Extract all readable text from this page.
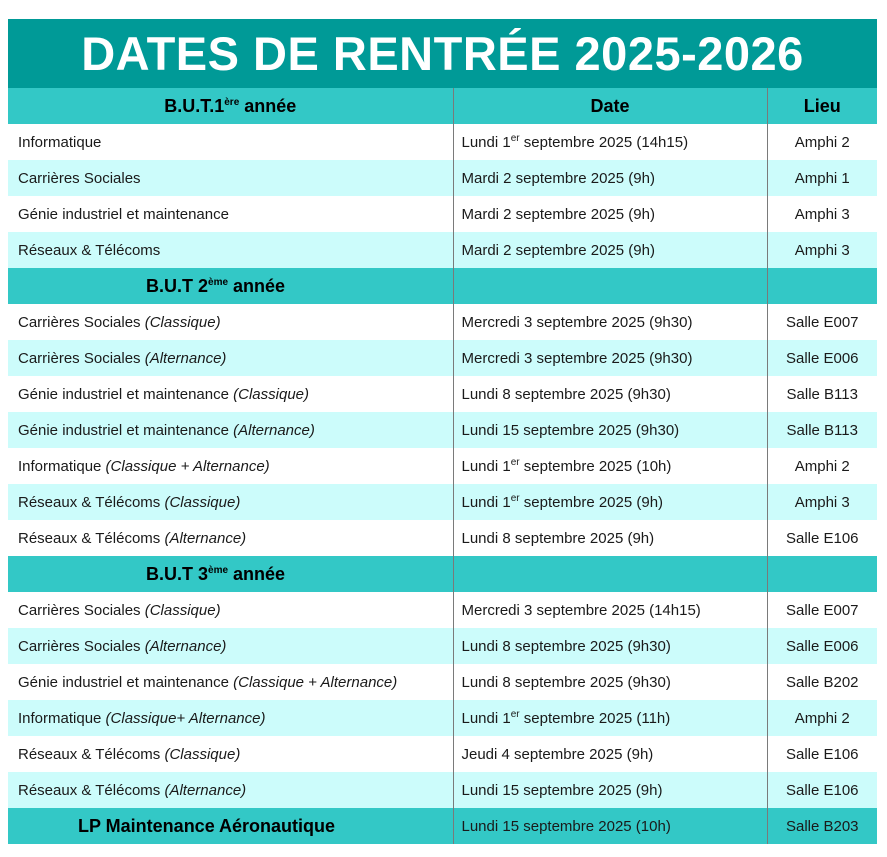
DATES DE RENTRÉE 2025-2026
B.U.T.1ère année	Date	Lieu
Informatique	Lundi 1er septembre 2025 (14h15)	Amphi 2
Carrières Sociales	Mardi 2 septembre 2025 (9h)	Amphi 1
Génie industriel et maintenance	Mardi 2 septembre 2025 (9h)	Amphi 3
Réseaux & Télécoms	Mardi 2 septembre 2025 (9h)	Amphi 3
B.U.T 2ème année		
Carrières Sociales (Classique)	Mercredi 3 septembre 2025 (9h30)	Salle E007
Carrières Sociales (Alternance)	Mercredi 3 septembre 2025 (9h30)	Salle E006
Génie industriel et maintenance (Classique)	Lundi 8 septembre 2025 (9h30)	Salle B113
Génie industriel et maintenance (Alternance)	Lundi 15 septembre 2025 (9h30)	Salle B113
Informatique (Classique + Alternance)	Lundi 1er septembre 2025 (10h)	Amphi 2
Réseaux & Télécoms (Classique)	Lundi 1er septembre 2025 (9h)	Amphi 3
Réseaux & Télécoms (Alternance)	Lundi 8 septembre 2025 (9h)	Salle E106
B.U.T 3ème année		
Carrières Sociales (Classique)	Mercredi 3 septembre 2025 (14h15)	Salle E007
Carrières Sociales (Alternance)	Lundi 8 septembre 2025 (9h30)	Salle E006
Génie industriel et maintenance (Classique + Alternance)	Lundi 8 septembre 2025 (9h30)	Salle B202
Informatique (Classique+ Alternance)	Lundi 1er septembre 2025 (11h)	Amphi 2
Réseaux & Télécoms (Classique)	Jeudi 4 septembre 2025 (9h)	Salle E106
Réseaux & Télécoms (Alternance)	Lundi 15 septembre 2025 (9h)	Salle E106
LP Maintenance Aéronautique	Lundi 15 septembre 2025 (10h)	Salle B203
